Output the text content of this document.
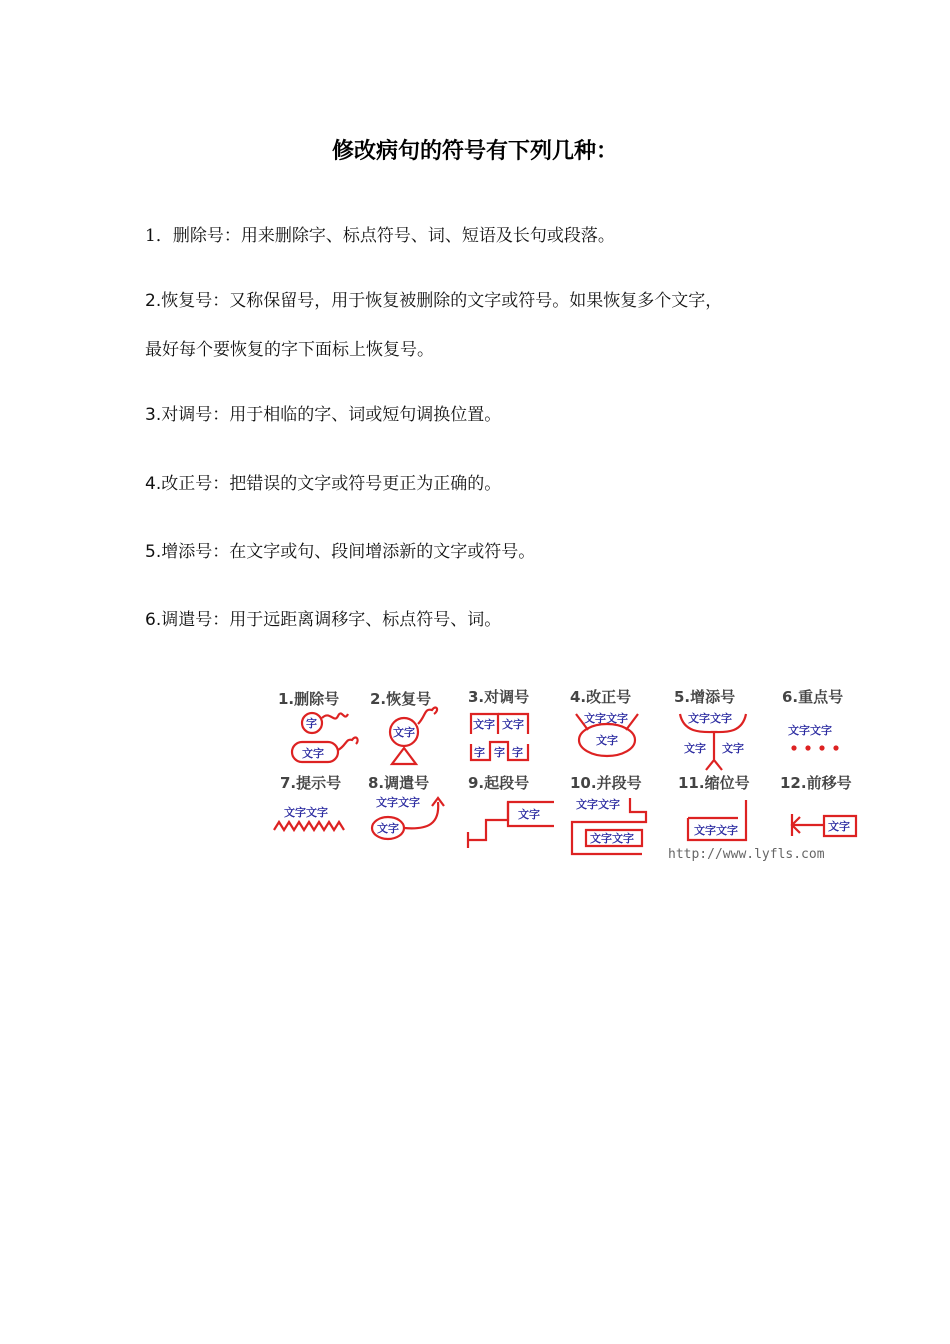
修改病句的符号有下列几种：
1．删除号：用来删除字、标点符号、词、短语及长句或段落。
2.恢复号：又称保留号，用于恢复被删除的文字或符号。如果恢复多个文字，
最好每个要恢复的字下面标上恢复号。
3.对调号：用于相临的字、词或短句调换位置。
4.改正号：把错误的文字或符号更正为正确的。
5.增添号：在文字或句、段间增添新的文字或符号。
6.调遣号：用于远距离调移字、标点符号、词。
1.删除号 2.恢复号 3.对调号	4.改正号	5.增添号	6.重点号
字
文字
文字
文字 文字
字 字 字
文字文字
文字
文字文字
文字 文字
文字文字
7.提示号 8.调遣号	9.起段号	10.并段号 11.缩位号 12.前移号
文字文字
文字文字
文字
文字
文字文字
文字文字
文字文字	文字
http://www.lyfls.com
